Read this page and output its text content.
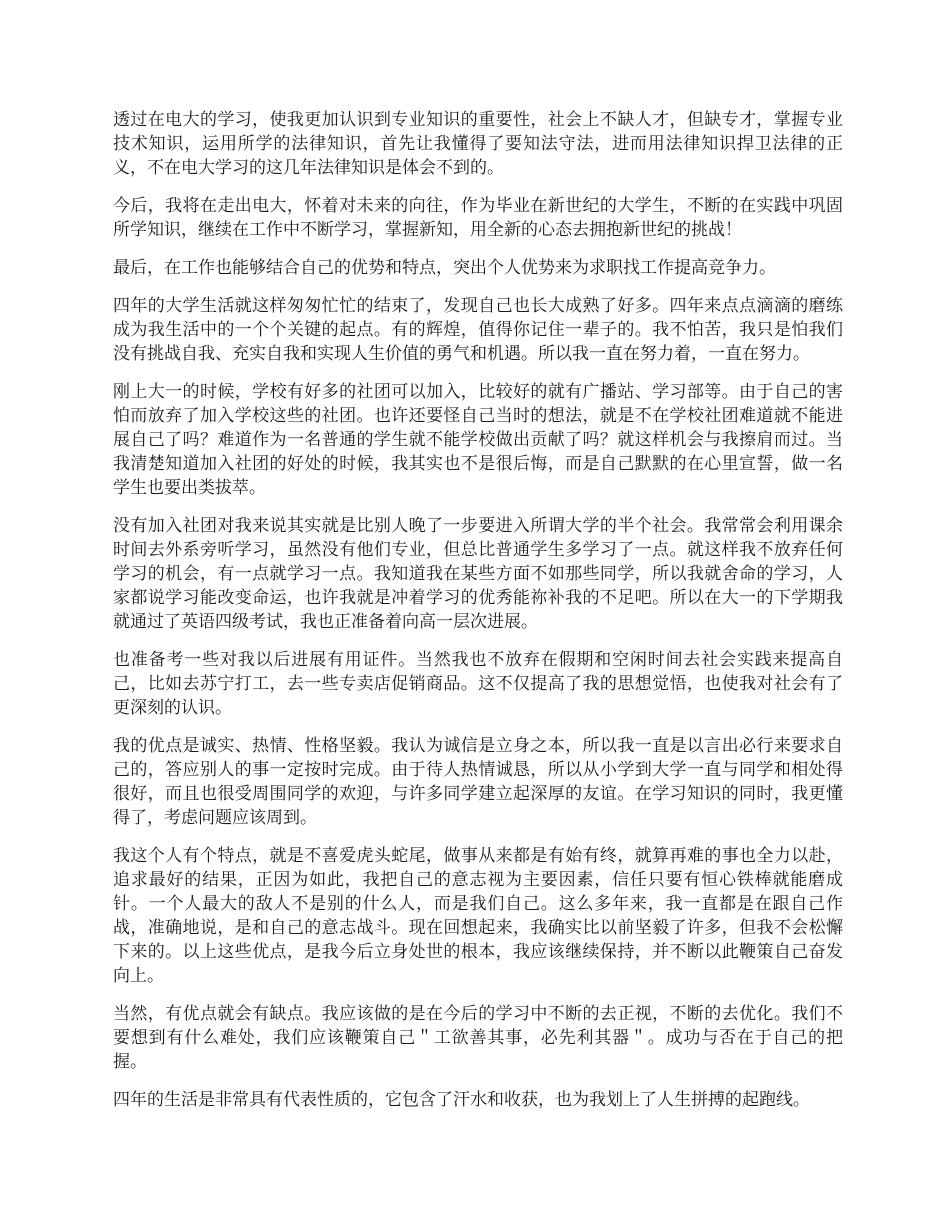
透过在电大的学习，使我更加认识到专业知识的重要性，社会上不缺人才，但缺专才，掌握专业技术知识，运用所学的法律知识，首先让我懂得了要知法守法，进而用法律知识捍卫法律的正义，不在电大学习的这几年法律知识是体会不到的。

今后，我将在走出电大，怀着对未来的向往，作为毕业在新世纪的大学生，不断的在实践中巩固所学知识，继续在工作中不断学习，掌握新知，用全新的心态去拥抱新世纪的挑战！

最后，在工作也能够结合自己的优势和特点，突出个人优势来为求职找工作提高竞争力。

四年的大学生活就这样匆匆忙忙的结束了，发现自己也长大成熟了好多。四年来点点滴滴的磨练成为我生活中的一个个关键的起点。有的辉煌，值得你记住一辈子的。我不怕苦，我只是怕我们没有挑战自我、充实自我和实现人生价值的勇气和机遇。所以我一直在努力着，一直在努力。

刚上大一的时候，学校有好多的社团可以加入，比较好的就有广播站、学习部等。由于自己的害怕而放弃了加入学校这些的社团。也许还要怪自己当时的想法，就是不在学校社团难道就不能进展自己了吗？难道作为一名普通的学生就不能学校做出贡献了吗？就这样机会与我擦肩而过。当我清楚知道加入社团的好处的时候，我其实也不是很后悔，而是自己默默的在心里宣誓，做一名学生也要出类拔萃。

没有加入社团对我来说其实就是比别人晚了一步要进入所谓大学的半个社会。我常常会利用课余时间去外系旁听学习，虽然没有他们专业，但总比普通学生多学习了一点。就这样我不放弃任何学习的机会，有一点就学习一点。我知道我在某些方面不如那些同学，所以我就舍命的学习，人家都说学习能改变命运，也许我就是冲着学习的优秀能祢补我的不足吧。所以在大一的下学期我就通过了英语四级考试，我也正准备着向高一层次进展。

也准备考一些对我以后进展有用证件。当然我也不放弃在假期和空闲时间去社会实践来提高自己，比如去苏宁打工，去一些专卖店促销商品。这不仅提高了我的思想觉悟，也使我对社会有了更深刻的认识。

我的优点是诚实、热情、性格坚毅。我认为诚信是立身之本，所以我一直是以言出必行来要求自己的，答应别人的事一定按时完成。由于待人热情诚恳，所以从小学到大学一直与同学和相处得很好，而且也很受周围同学的欢迎，与许多同学建立起深厚的友谊。在学习知识的同时，我更懂得了，考虑问题应该周到。

我这个人有个特点，就是不喜爱虎头蛇尾，做事从来都是有始有终，就算再难的事也全力以赴，追求最好的结果，正因为如此，我把自己的意志视为主要因素，信任只要有恒心铁棒就能磨成针。一个人最大的敌人不是别的什么人，而是我们自己。这么多年来，我一直都是在跟自己作战，准确地说，是和自己的意志战斗。现在回想起来，我确实比以前坚毅了许多，但我不会松懈下来的。以上这些优点，是我今后立身处世的根本，我应该继续保持，并不断以此鞭策自己奋发向上。

当然，有优点就会有缺点。我应该做的是在今后的学习中不断的去正视，不断的去优化。我们不要想到有什么难处，我们应该鞭策自己＂工欲善其事，必先利其器＂。成功与否在于自己的把握。

四年的生活是非常具有代表性质的，它包含了汗水和收获，也为我划上了人生拼搏的起跑线。
